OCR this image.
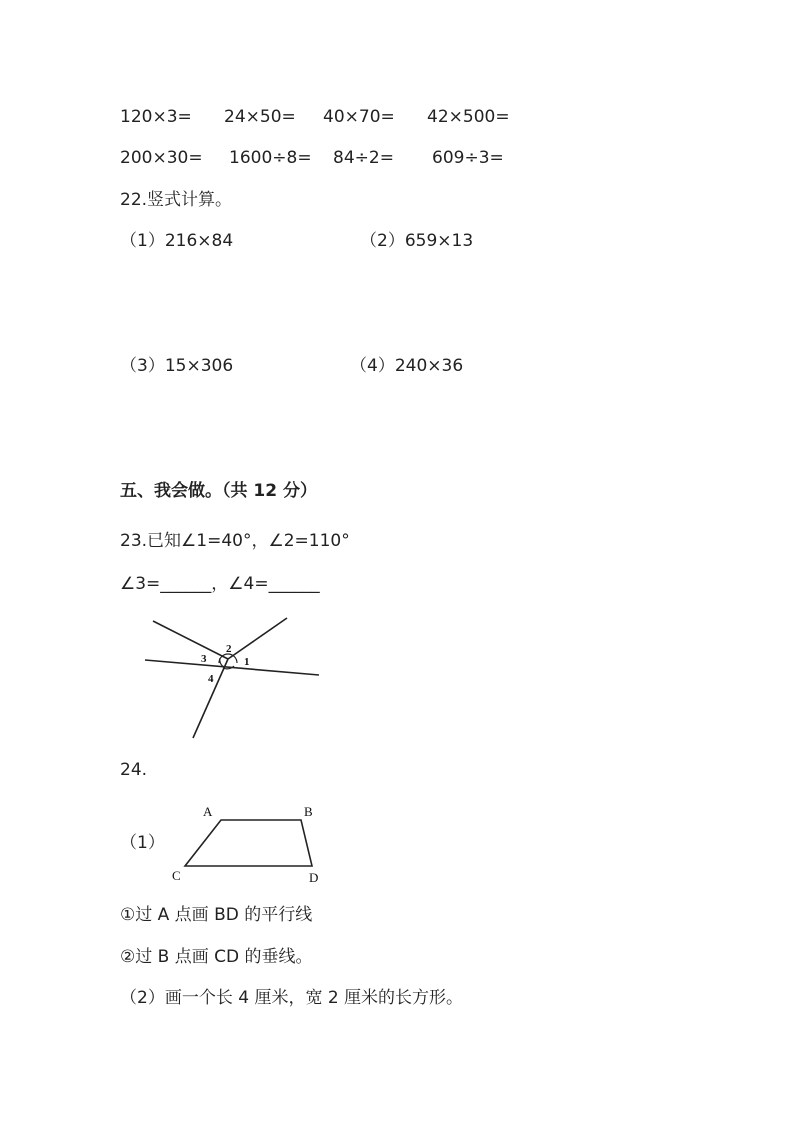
120×3= 24×50= 40×70= 42×500=
200×30= 1600÷8= 84÷2= 609÷3=
22.竖式计算。
（1）216×84	（2）659×13
（3）15×306	（4）240×36
五、我会做。（共 12 分）
23.已知∠1=40°，∠2=110°
∠3=______，∠4=______
1
2
3
4
24.
（1）
A	B
C	D
①过 A 点画 BD 的平行线
②过 B 点画 CD 的垂线。
（2）画一个长 4 厘米，宽 2 厘米的长方形。
